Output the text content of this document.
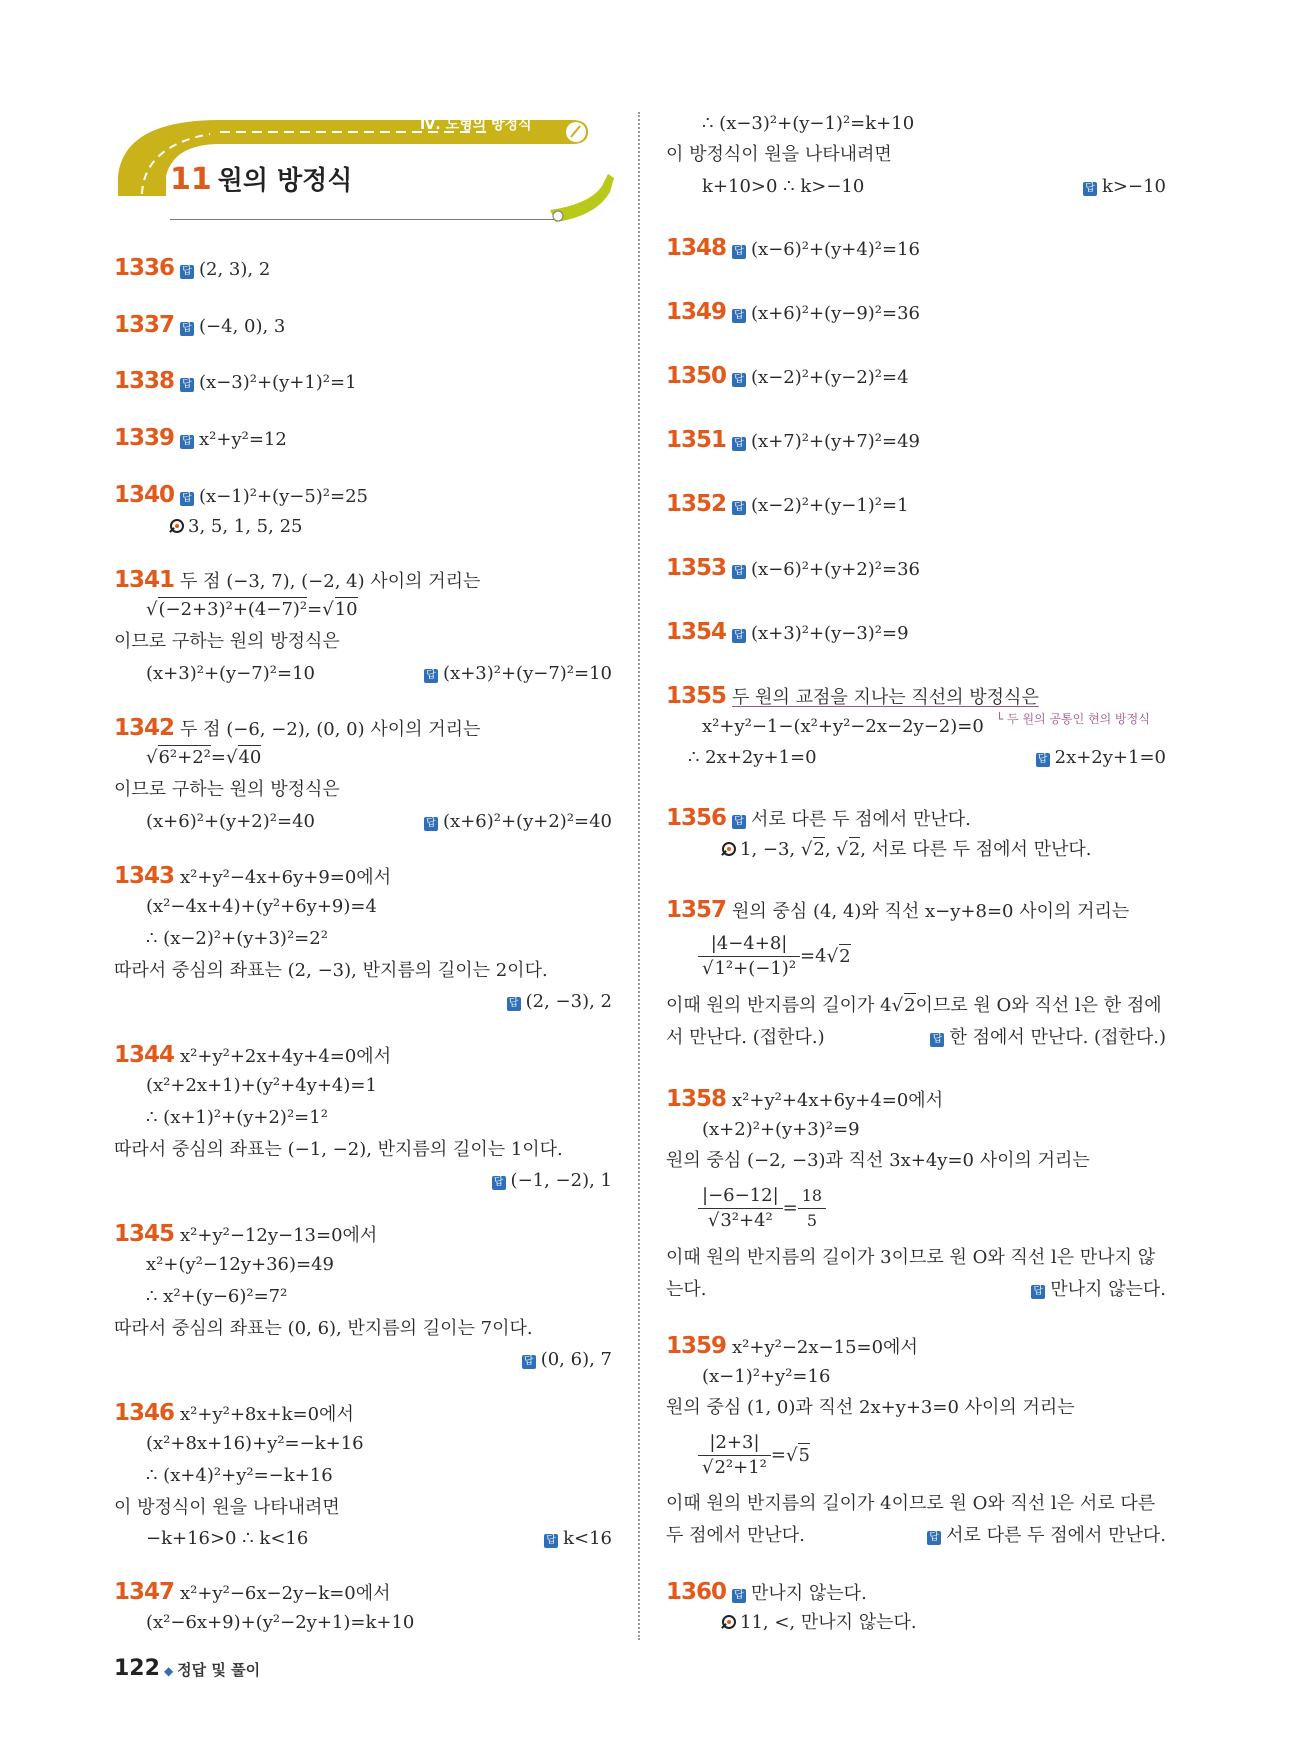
Ⅳ. 도형의 방정식
11 원의 방정식
1336 답 (2, 3), 2
1337 답 (−4, 0), 3
1338 답 (x−3)²+(y+1)²=1
1339 답 x²+y²=12
1340 답 (x−1)²+(y−5)²=25
3, 5, 1, 5, 25
1341 두 점 (−3, 7), (−2, 4) 사이의 거리는
√(−2+3)²+(4−7)²=√10
이므로 구하는 원의 방정식은
(x+3)²+(y−7)²=10	답 (x+3)²+(y−7)²=10
1342 두 점 (−6, −2), (0, 0) 사이의 거리는
√6²+2²=√40
이므로 구하는 원의 방정식은
(x+6)²+(y+2)²=40	답 (x+6)²+(y+2)²=40
1343 x²+y²−4x+6y+9=0에서
(x²−4x+4)+(y²+6y+9)=4
∴ (x−2)²+(y+3)²=2²
따라서 중심의 좌표는 (2, −3), 반지름의 길이는 2이다.
답 (2, −3), 2
1344 x²+y²+2x+4y+4=0에서
(x²+2x+1)+(y²+4y+4)=1
∴ (x+1)²+(y+2)²=1²
따라서 중심의 좌표는 (−1, −2), 반지름의 길이는 1이다.
답 (−1, −2), 1
1345 x²+y²−12y−13=0에서
x²+(y²−12y+36)=49
∴ x²+(y−6)²=7²
따라서 중심의 좌표는 (0, 6), 반지름의 길이는 7이다.
답 (0, 6), 7
1346 x²+y²+8x+k=0에서
(x²+8x+16)+y²=−k+16
∴ (x+4)²+y²=−k+16
이 방정식이 원을 나타내려면
−k+16>0 ∴ k<16	답 k<16
1347 x²+y²−6x−2y−k=0에서
(x²−6x+9)+(y²−2y+1)=k+10
∴ (x−3)²+(y−1)²=k+10
이 방정식이 원을 나타내려면
k+10>0 ∴ k>−10	답 k>−10
1348 답 (x−6)²+(y+4)²=16
1349 답 (x+6)²+(y−9)²=36
1350 답 (x−2)²+(y−2)²=4
1351 답 (x+7)²+(y+7)²=49
1352 답 (x−2)²+(y−1)²=1
1353 답 (x−6)²+(y+2)²=36
1354 답 (x+3)²+(y−3)²=9
1355 두 원의 교점을 지나는 직선의 방정식은
x²+y²−1−(x²+y²−2x−2y−2)=0 └ 두 원의 공통인 현의 방정식
∴ 2x+2y+1=0	답 2x+2y+1=0
1356 답 서로 다른 두 점에서 만난다.
1, −3, √2, √2, 서로 다른 두 점에서 만난다.
1357 원의 중심 (4, 4)와 직선 x−y+8=0 사이의 거리는
$\frac{|4-4+8|}{\text{√1²+(−1)²}} =4√2$
이때 원의 반지름의 길이가 4√2이므로 원 O와 직선 l은 한 점에
서 만난다. (접한다.)	답 한 점에서 만난다. (접한다.)
1358 x²+y²+4x+6y+4=0에서
(x+2)²+(y+3)²=9
원의 중심 (−2, −3)과 직선 3x+4y=0 사이의 거리는
$\frac{|-6-12|}{\text{√3²+4²}} = \frac{18}{5}$
이때 원의 반지름의 길이가 3이므로 원 O와 직선 l은 만나지 않
는다.	답 만나지 않는다.
1359 x²+y²−2x−15=0에서
(x−1)²+y²=16
원의 중심 (1, 0)과 직선 2x+y+3=0 사이의 거리는
$\frac{|2+3|}{\text{√2²+1²}} =√5$
이때 원의 반지름의 길이가 4이므로 원 O와 직선 l은 서로 다른
두 점에서 만난다.	답 서로 다른 두 점에서 만난다.
1360 답 만나지 않는다.
11, <, 만나지 않는다.
122 ◆ 정답 및 풀이
